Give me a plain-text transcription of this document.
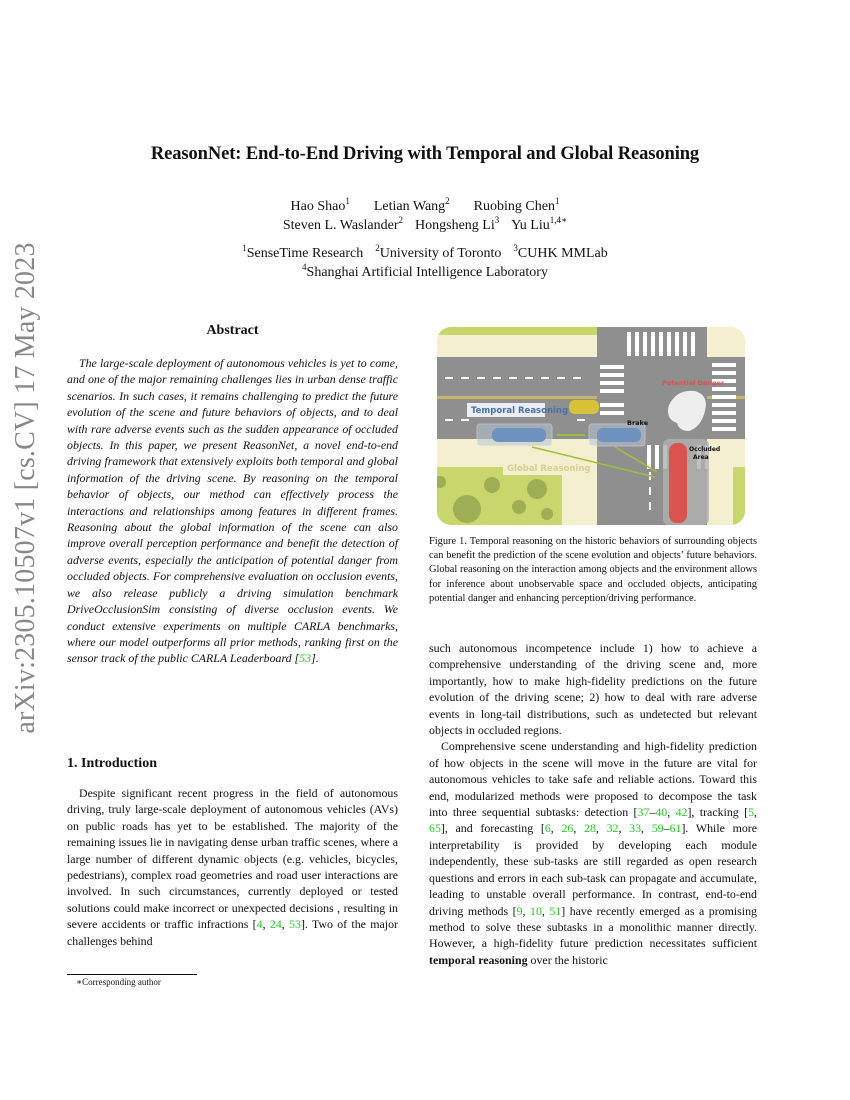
arXiv:2305.10507v1 [cs.CV] 17 May 2023
ReasonNet: End-to-End Driving with Temporal and Global Reasoning
Hao Shao$^1$ Letian Wang$^2$ Ruobing Chen$^1$
Steven L. Waslander$^2$ Hongsheng Li$^3$ Yu Liu$^{1,4∗}$
$^1$SenseTime Research $^2$University of Toronto $^3$CUHK MMLab
$^4$Shanghai Artificial Intelligence Laboratory
Abstract

The large-scale deployment of autonomous vehicles is yet to come, and one of the major remaining challenges lies in urban dense traffic scenarios. In such cases, it remains challenging to predict the future evolution of the scene and future behaviors of objects, and to deal with rare adverse events such as the sudden appearance of occluded objects. In this paper, we present ReasonNet, a novel end-to-end driving framework that extensively exploits both temporal and global information of the driving scene. By reasoning on the temporal behavior of objects, our method can effectively process the interactions and relationships among features in different frames. Reasoning about the global information of the scene can also improve overall perception performance and benefit the detection of adverse events, especially the anticipation of potential danger from occluded objects. For comprehensive evaluation on occlusion events, we also release publicly a driving simulation benchmark DriveOcclusionSim consisting of diverse occlusion events. We conduct extensive experiments on multiple CARLA benchmarks, where our model outperforms all prior methods, ranking first on the sensor track of the public CARLA Leaderboard [53].

1. Introduction

Despite significant recent progress in the field of autonomous driving, truly large-scale deployment of autonomous vehicles (AVs) on public roads has yet to be established. The majority of the remaining issues lie in navigating dense urban traffic scenes, where a large number of different dynamic objects (e.g. vehicles, bicycles, pedestrians), complex road geometries and road user interactions are involved. In such circumstances, currently deployed or tested solutions could make incorrect or unexpected decisions , resulting in severe accidents or traffic infractions [4, 24, 53]. Two of the major challenges behind

∗Corresponding author
Temporal Reasoning
Global Reasoning
Brake
Potential Danger
Occluded
Area
Figure 1. Temporal reasoning on the historic behaviors of surrounding objects can benefit the prediction of the scene evolution and objects’ future behaviors. Global reasoning on the interaction among objects and the environment allows for inference about unobservable space and occluded objects, anticipating potential danger and enhancing perception/driving performance.

such autonomous incompetence include 1) how to achieve a comprehensive understanding of the driving scene and, more importantly, how to make high-fidelity predictions on the future evolution of the driving scene; 2) how to deal with rare adverse events in long-tail distributions, such as undetected but relevant objects in occluded regions.

Comprehensive scene understanding and high-fidelity prediction of how objects in the scene will move in the future are vital for autonomous vehicles to take safe and reliable actions. Toward this end, modularized methods were proposed to decompose the task into three sequential subtasks: detection [37–40, 42], tracking [5, 65], and forecasting [6, 26, 28, 32, 33, 59–61]. While more interpretability is provided by developing each module independently, these sub-tasks are still regarded as open research questions and errors in each sub-task can propagate and accumulate, leading to unstable overall performance. In contrast, end-to-end driving methods [9, 10, 51] have recently emerged as a promising method to solve these subtasks in a monolithic manner directly. However, a high-fidelity future prediction necessitates sufficient temporal reasoning over the historic
